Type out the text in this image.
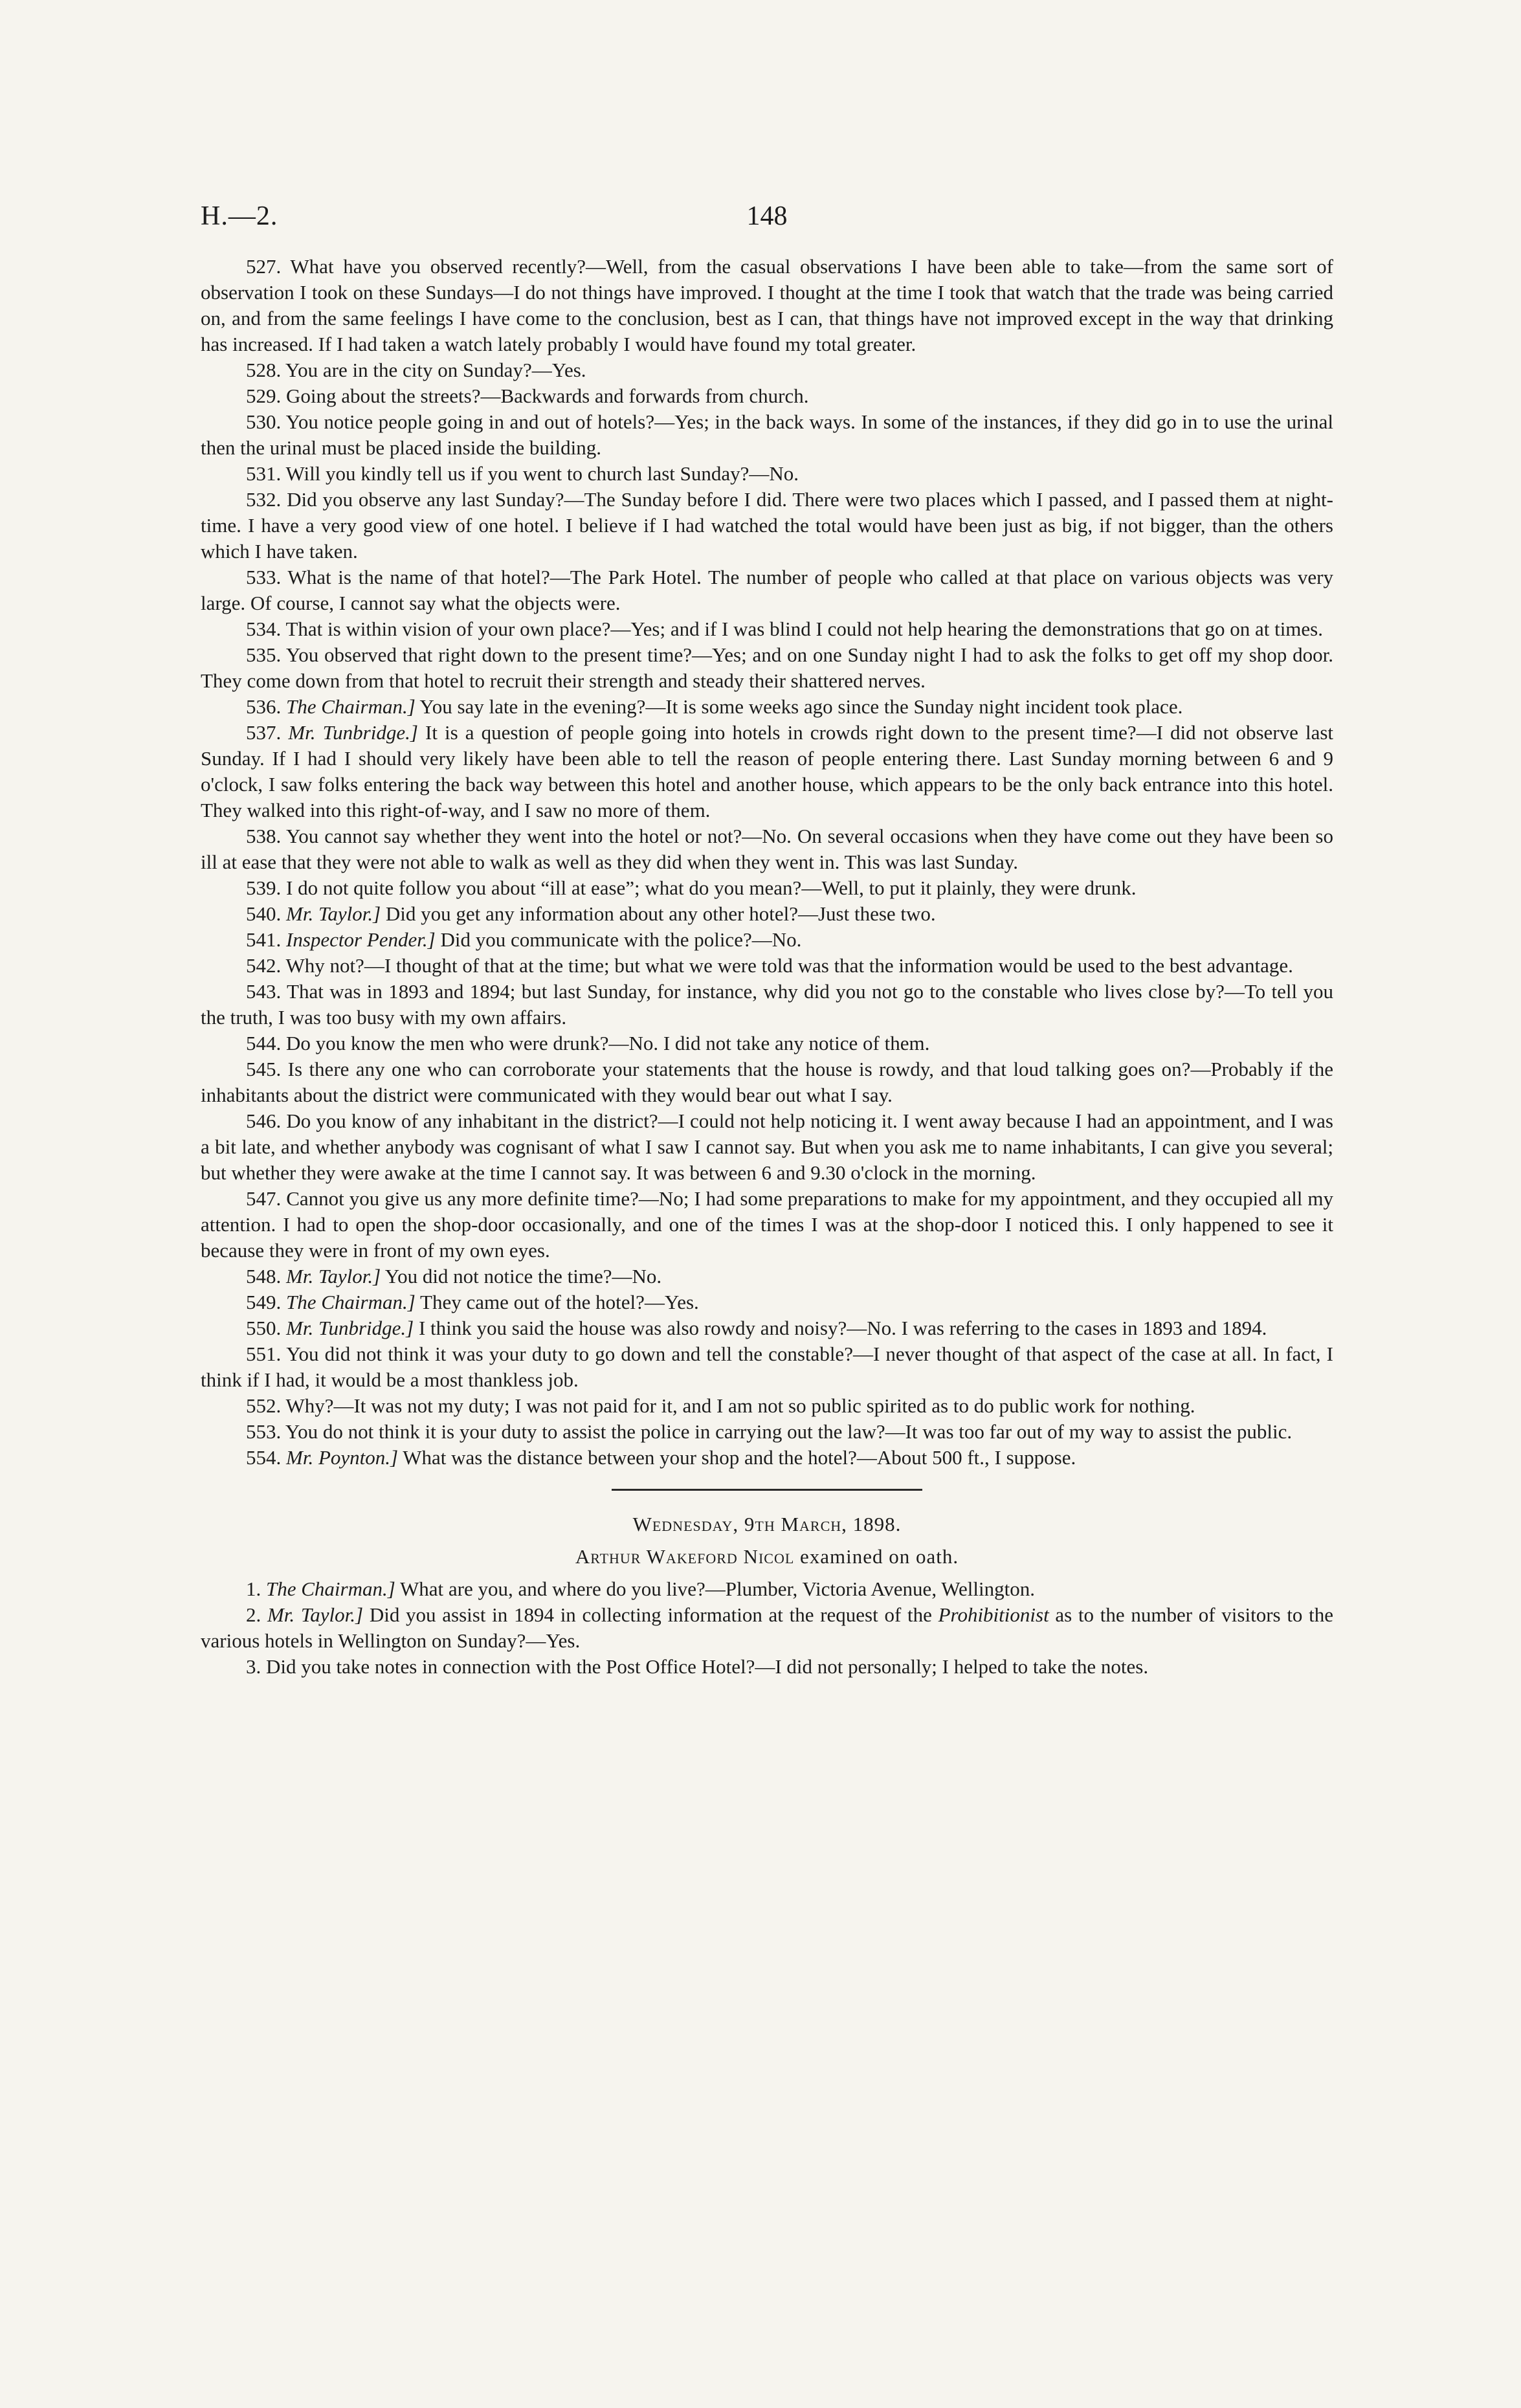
H.—2.	148

527. What have you observed recently?—Well, from the casual observations I have been able to take—from the same sort of observation I took on these Sundays—I do not things have improved. I thought at the time I took that watch that the trade was being carried on, and from the same feelings I have come to the conclusion, best as I can, that things have not improved except in the way that drinking has increased. If I had taken a watch lately probably I would have found my total greater.

528. You are in the city on Sunday?—Yes.

529. Going about the streets?—Backwards and forwards from church.

530. You notice people going in and out of hotels?—Yes; in the back ways. In some of the instances, if they did go in to use the urinal then the urinal must be placed inside the building.

531. Will you kindly tell us if you went to church last Sunday?—No.

532. Did you observe any last Sunday?—The Sunday before I did. There were two places which I passed, and I passed them at night-time. I have a very good view of one hotel. I believe if I had watched the total would have been just as big, if not bigger, than the others which I have taken.

533. What is the name of that hotel?—The Park Hotel. The number of people who called at that place on various objects was very large. Of course, I cannot say what the objects were.

534. That is within vision of your own place?—Yes; and if I was blind I could not help hearing the demonstrations that go on at times.

535. You observed that right down to the present time?—Yes; and on one Sunday night I had to ask the folks to get off my shop door. They come down from that hotel to recruit their strength and steady their shattered nerves.

536. The Chairman.] You say late in the evening?—It is some weeks ago since the Sunday night incident took place.

537. Mr. Tunbridge.] It is a question of people going into hotels in crowds right down to the present time?—I did not observe last Sunday. If I had I should very likely have been able to tell the reason of people entering there. Last Sunday morning between 6 and 9 o'clock, I saw folks entering the back way between this hotel and another house, which appears to be the only back entrance into this hotel. They walked into this right-of-way, and I saw no more of them.

538. You cannot say whether they went into the hotel or not?—No. On several occasions when they have come out they have been so ill at ease that they were not able to walk as well as they did when they went in. This was last Sunday.

539. I do not quite follow you about “ill at ease”; what do you mean?—Well, to put it plainly, they were drunk.

540. Mr. Taylor.] Did you get any information about any other hotel?—Just these two.

541. Inspector Pender.] Did you communicate with the police?—No.

542. Why not?—I thought of that at the time; but what we were told was that the information would be used to the best advantage.

543. That was in 1893 and 1894; but last Sunday, for instance, why did you not go to the constable who lives close by?—To tell you the truth, I was too busy with my own affairs.

544. Do you know the men who were drunk?—No. I did not take any notice of them.

545. Is there any one who can corroborate your statements that the house is rowdy, and that loud talking goes on?—Probably if the inhabitants about the district were communicated with they would bear out what I say.

546. Do you know of any inhabitant in the district?—I could not help noticing it. I went away because I had an appointment, and I was a bit late, and whether anybody was cognisant of what I saw I cannot say. But when you ask me to name inhabitants, I can give you several; but whether they were awake at the time I cannot say. It was between 6 and 9.30 o'clock in the morning.

547. Cannot you give us any more definite time?—No; I had some preparations to make for my appointment, and they occupied all my attention. I had to open the shop-door occasionally, and one of the times I was at the shop-door I noticed this. I only happened to see it because they were in front of my own eyes.

548. Mr. Taylor.] You did not notice the time?—No.

549. The Chairman.] They came out of the hotel?—Yes.

550. Mr. Tunbridge.] I think you said the house was also rowdy and noisy?—No. I was referring to the cases in 1893 and 1894.

551. You did not think it was your duty to go down and tell the constable?—I never thought of that aspect of the case at all. In fact, I think if I had, it would be a most thankless job.

552. Why?—It was not my duty; I was not paid for it, and I am not so public spirited as to do public work for nothing.

553. You do not think it is your duty to assist the police in carrying out the law?—It was too far out of my way to assist the public.

554. Mr. Poynton.] What was the distance between your shop and the hotel?—About 500 ft., I suppose.

Wednesday, 9th March, 1898.
Arthur Wakeford Nicol examined on oath.

1. The Chairman.] What are you, and where do you live?—Plumber, Victoria Avenue, Wellington.

2. Mr. Taylor.] Did you assist in 1894 in collecting information at the request of the Prohibitionist as to the number of visitors to the various hotels in Wellington on Sunday?—Yes.

3. Did you take notes in connection with the Post Office Hotel?—I did not personally; I helped to take the notes.
